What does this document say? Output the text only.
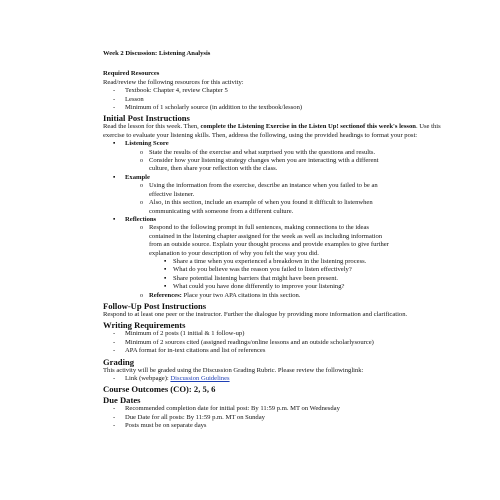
Week 2 Discussion: Listening Analysis
Required Resources

Read/review the following resources for this activity:

- Textbook: Chapter 4, review Chapter 5
- Lesson
- Minimum of 1 scholarly source (in addition to the textbook/lesson)
Initial Post Instructions

Read the lesson for this week. Then, complete the Listening Exercise in the Listen Up! sectionof this week's lesson. Use this exercise to evaluate your listening skills. Then, address the following, using the provided headings to format your post:

▪ Listening Score
o State the results of the exercise and what surprised you with the questions and results.
o Consider how your listening strategy changes when you are interacting with a different culture, then share your reflection with the class.
▪ Example
o Using the information from the exercise, describe an instance when you failed to be an effective listener.
o Also, in this section, include an example of when you found it difficult to listenwhen communicating with someone from a different culture.
▪ Reflections
o Respond to the following prompt in full sentences, making connections to the ideas contained in the listening chapter assigned for the week as well as including information from an outside source. Explain your thought process and provide examples to give further explanation to your description of why you felt the way you did.
▪ Share a time when you experienced a breakdown in the listening process.
▪ What do you believe was the reason you failed to listen effectively?
▪ Share potential listening barriers that might have been present.
▪ What could you have done differently to improve your listening?
o References: Place your two APA citations in this section.
Follow-Up Post Instructions

Respond to at least one peer or the instructor. Further the dialogue by providing more information and clarification.

Writing Requirements
- Minimum of 2 posts (1 initial & 1 follow-up)
- Minimum of 2 sources cited (assigned readings/online lessons and an outside scholarlysource)
- APA format for in-text citations and list of references
Grading

This activity will be graded using the Discussion Grading Rubric. Please review the followinglink:

- Link (webpage): Discussion Guidelines
Course Outcomes (CO): 2, 5, 6
Due Dates
- Recommended completion date for initial post: By 11:59 p.m. MT on Wednesday
- Due Date for all posts: By 11:59 p.m. MT on Sunday
- Posts must be on separate days
